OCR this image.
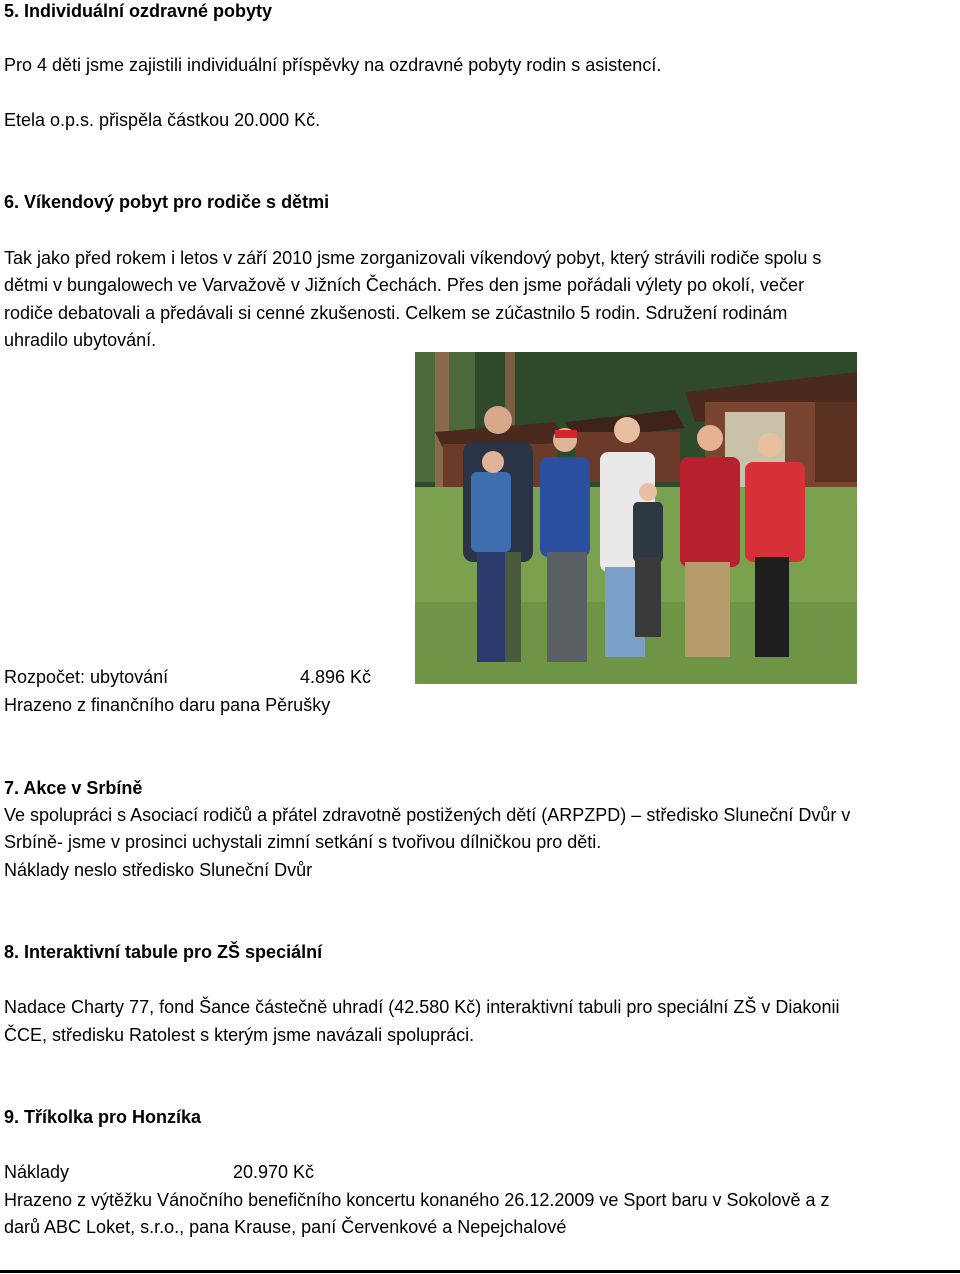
5. Individuální ozdravné pobyty
Pro 4 děti jsme zajistili individuální příspěvky na ozdravné pobyty rodin s asistencí.
Etela o.p.s. přispěla částkou 20.000 Kč.
6. Víkendový pobyt pro rodiče s dětmi
Tak jako před rokem i letos v září 2010 jsme zorganizovali víkendový pobyt, který strávili rodiče spolu s
dětmi v bungalowech ve Varvažově v Jižních Čechách. Přes den jsme pořádali výlety po okolí, večer
rodiče debatovali a předávali si cenné zkušenosti. Celkem se zúčastnilo 5 rodin. Sdružení rodinám
uhradilo ubytování.
Rozpočet: ubytování	4.896 Kč
Hrazeno z finančního daru pana Pěrušky
7. Akce v Srbíně
Ve spolupráci s Asociací rodičů a přátel zdravotně postižených dětí (ARPZPD) – středisko Sluneční Dvůr v
Srbíně- jsme v prosinci uchystali zimní setkání s tvořivou dílničkou pro děti.
Náklady neslo středisko Sluneční Dvůr
8. Interaktivní tabule pro ZŠ speciální
Nadace Charty 77, fond Šance částečně uhradí (42.580 Kč) interaktivní tabuli pro speciální ZŠ v Diakonii
ČCE, středisku Ratolest s kterým jsme navázali spolupráci.
9. Tříkolka pro Honzíka
Náklady	20.970 Kč
Hrazeno z výtěžku Vánočního benefičního koncertu konaného 26.12.2009 ve Sport baru v Sokolově a z
darů ABC Loket, s.r.o., pana Krause, paní Červenkové a Nepejchalové
